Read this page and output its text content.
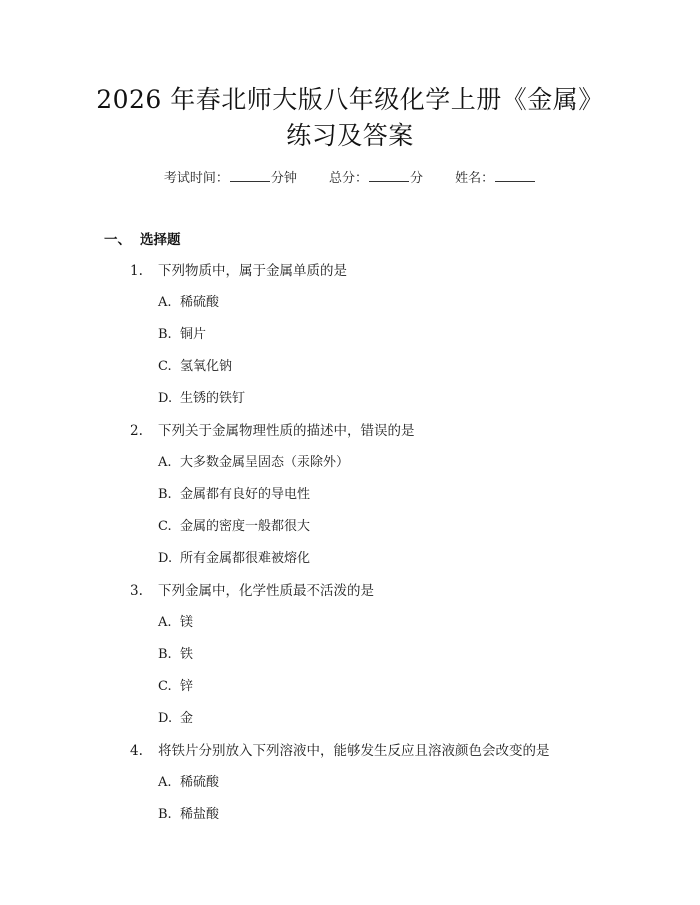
2026 年春北师大版八年级化学上册《金属》
练习及答案
考试时间：	分钟 总分：	分 姓名：
一、 选择题
1. 下列物质中，属于金属单质的是
A. 稀硫酸
B. 铜片
C. 氢氧化钠
D. 生锈的铁钉
2. 下列关于金属物理性质的描述中，错误的是
A. 大多数金属呈固态（汞除外）
B. 金属都有良好的导电性
C. 金属的密度一般都很大
D. 所有金属都很难被熔化
3. 下列金属中，化学性质最不活泼的是
A. 镁
B. 铁
C. 锌
D. 金
4. 将铁片分别放入下列溶液中，能够发生反应且溶液颜色会改变的是
A. 稀硫酸
B. 稀盐酸
